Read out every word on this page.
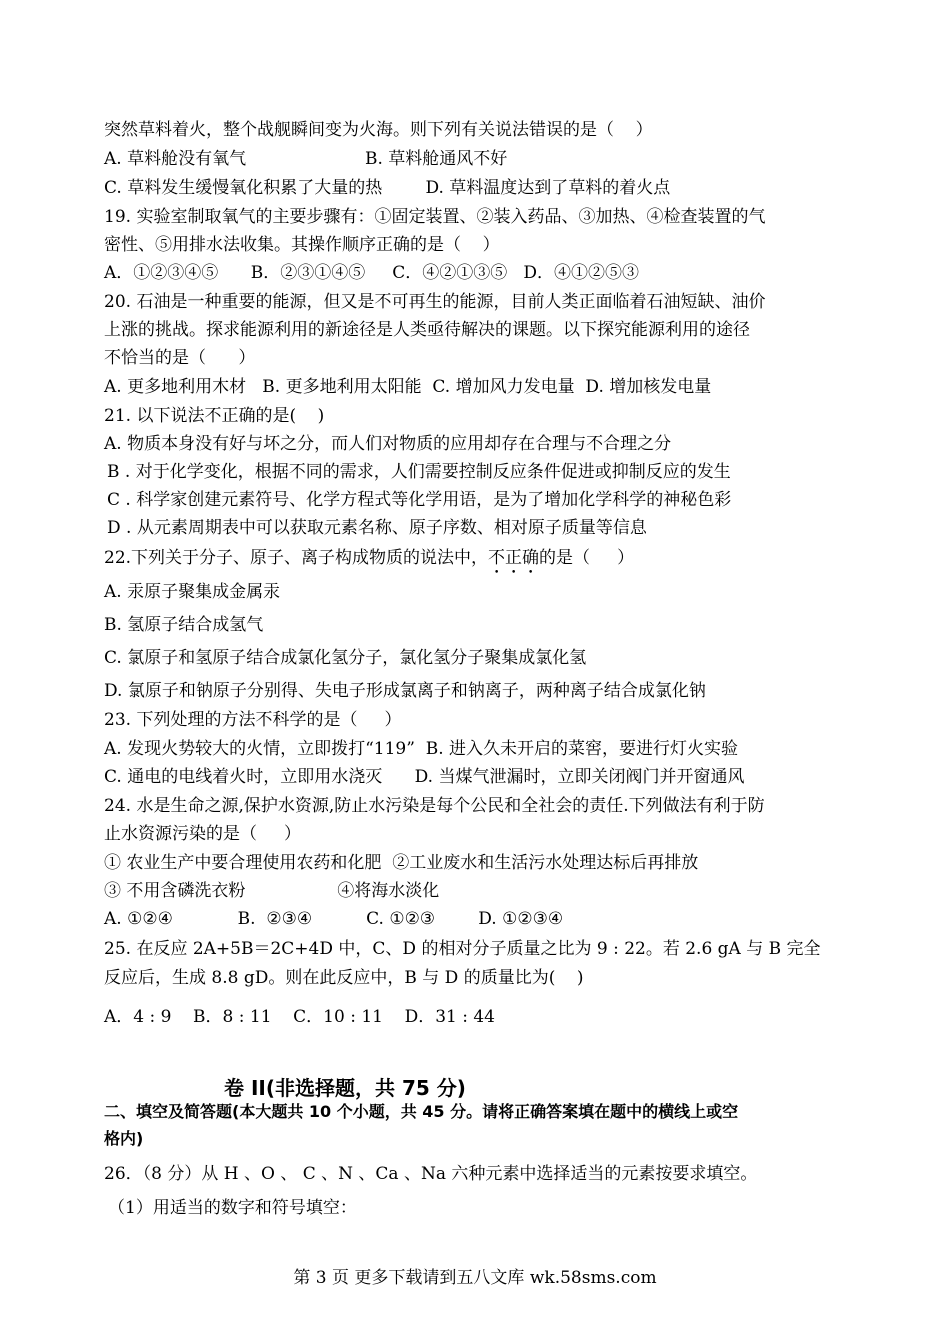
突然草料着火，整个战舰瞬间变为火海。则下列有关说法错误的是（    ）
A. 草料舱没有氧气                      B. 草料舱通风不好
C. 草料发生缓慢氧化积累了大量的热        D. 草料温度达到了草料的着火点
19. 实验室制取氧气的主要步骤有：①固定装置、②装入药品、③加热、④检查装置的气
密性、⑤用排水法收集。其操作顺序正确的是（    ）
A．①②③④⑤      B．②③①④⑤     C．④②①③⑤   D．④①②⑤③
20. 石油是一种重要的能源，但又是不可再生的能源，目前人类正面临着石油短缺、油价
上涨的挑战。探求能源利用的新途径是人类亟待解决的课题。以下探究能源利用的途径
不恰当的是（      ）
A. 更多地利用木材   B. 更多地利用太阳能  C. 增加风力发电量  D. 增加核发电量
21. 以下说法不正确的是(    )
A. 物质本身没有好与坏之分，而人们对物质的应用却存在合理与不合理之分
B . 对于化学变化，根据不同的需求，人们需要控制反应条件促进或抑制反应的发生
C . 科学家创建元素符号、化学方程式等化学用语，是为了增加化学科学的神秘色彩
D . 从元素周期表中可以获取元素名称、原子序数、相对原子质量等信息
22.下列关于分子、原子、离子构成物质的说法中，不正确的是（     ）
A. 汞原子聚集成金属汞
B. 氢原子结合成氢气
C. 氯原子和氢原子结合成氯化氢分子，氯化氢分子聚集成氯化氢
D. 氯原子和钠原子分别得、失电子形成氯离子和钠离子，两种离子结合成氯化钠
23. 下列处理的方法不科学的是（     ）
A. 发现火势较大的火情，立即拨打“119”  B. 进入久未开启的菜窖，要进行灯火实验
C. 通电的电线着火时，立即用水浇灭      D. 当煤气泄漏时，立即关闭阀门并开窗通风
24. 水是生命之源,保护水资源,防止水污染是每个公民和全社会的责任.下列做法有利于防
止水资源污染的是（     ）
① 农业生产中要合理使用农药和化肥  ②工业废水和生活污水处理达标后再排放
③ 不用含磷洗衣粉                 ④将海水淡化
A. ①②④            B.  ②③④          C. ①②③        D. ①②③④
25. 在反应 2A+5B＝2C+4D 中，C、D 的相对分子质量之比为 9 : 22。若 2.6 gA 与 B 完全
反应后，生成 8.8 gD。则在此反应中，B 与 D 的质量比为(    )
A．4 : 9    B．8 : 11    C．10 : 11    D．31 : 44
卷 II(非选择题，共 75 分)
二、填空及简答题(本大题共 10 个小题，共 45 分。请将正确答案填在题中的横线上或空
格内)
26．（8 分）从 H 、O 、 C 、N 、Ca 、Na 六种元素中选择适当的元素按要求填空。
（1）用适当的数字和符号填空：
第 3 页 更多下载请到五八文库 wk.58sms.com
